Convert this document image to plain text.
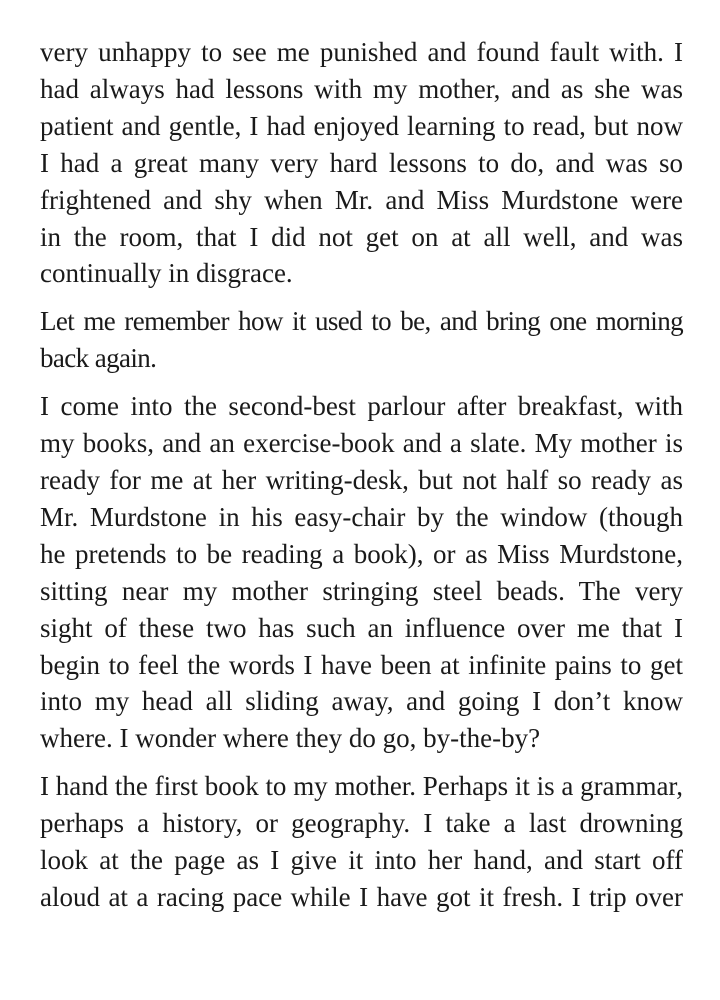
very unhappy to see me punished and found fault with. I
had always had lessons with my mother, and as she was
patient and gentle, I had enjoyed learning to read, but now
I had a great many very hard lessons to do, and was so
frightened and shy when Mr. and Miss Murdstone were
in the room, that I did not get on at all well, and was
continually in disgrace.

Let me remember how it used to be, and bring one morning
back again.

I come into the second-best parlour after breakfast, with
my books, and an exercise-book and a slate. My mother is
ready for me at her writing-desk, but not half so ready as
Mr. Murdstone in his easy-chair by the window (though
he pretends to be reading a book), or as Miss Murdstone,
sitting near my mother stringing steel beads. The very
sight of these two has such an influence over me that I
begin to feel the words I have been at infinite pains to get
into my head all sliding away, and going I don’t know
where. I wonder where they do go, by-the-by?

I hand the first book to my mother. Perhaps it is a grammar,
perhaps a history, or geography. I take a last drowning
look at the page as I give it into her hand, and start off
aloud at a racing pace while I have got it fresh. I trip over
